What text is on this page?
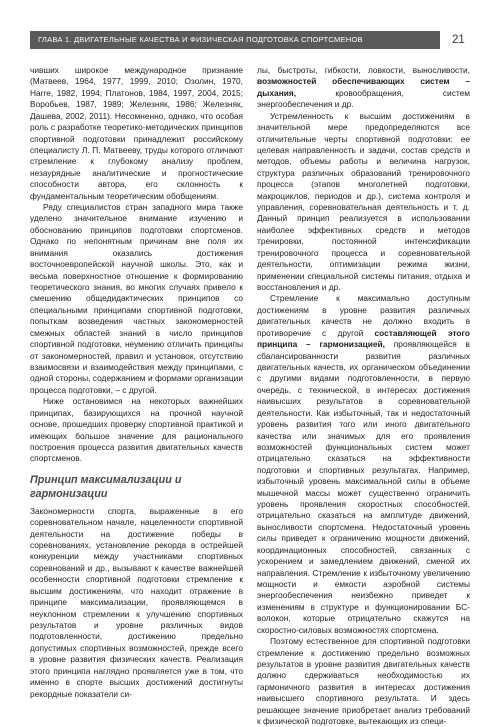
ГЛАВА 1. ДВИГАТЕЛЬНЫЕ КАЧЕСТВА И ФИЗИЧЕСКАЯ ПОДГОТОВКА СПОРТСМЕНОВ	21

чивших широкое международное признание (Матвеев, 1964, 1977, 1999, 2010; Озолин, 1970, Harre, 1982, 1994; Платонов, 1984, 1997, 2004, 2015; Воробьев, 1987, 1989; Железняк, 1986; Железняк, Дашева, 2002, 2011). Несомненно, однако, что особая роль с разработке теоретико-методических принципов спортивной подготовки принадлежит российскому специалисту Л. П. Матвееву, труды которого отличают стремление к глубокому анализу проблем, незаурядные аналитические и прогностические способности автора, его склонность к фундаментальным теоретическим обобщениям.

Ряду специалистов стран западного мира также уделено значительное внимание изучению и обоснованию принципов подготовки спортсменов. Однако по непонятным причинам вне поля их внимания оказались достижения восточноевропейской научной школы. Это, как и весьма поверхностное отношение к формированию теоретического знания, во многих случаях привело к смешению общедидактических принципов со специальными принципами спортивной подготовки, попыткам возведения частных закономерностей смежных областей знаний в число принципов спортивной подготовки, неумению отличить принципы от закономерностей, правил и установок, отсутствию взаимосвязи и взаимодействия между принципами, с одной стороны, содержанием и формами организации процесса подготовки, – с другой.

Ниже остановимся на некоторых важнейших принципах, базирующихся на прочной научной основе, прошедших проверку спортивной практикой и имеющих большое значение для рационального построения процесса развития двигательных качеств спортсменов.

Принцип максимализации и гармонизации

Закономерности спорта, выраженные в его соревновательном начале, нацеленности спортивной деятельности на достижение победы в соревнованиях, установление рекорда в острейшей конкуренции между участниками спортивных соревнований и др., вызывают к качестве важнейшей особенности спортивной подготовки стремление к высшим достижениям, что находит отражение в принципе максимализации, проявляющемся в неуклонном стремлении к улучшению спортивных результатов и уровне различных видов подготовленности, достижению предельно допустимых спортивных возможностей, прежде всего в уровне развития физических качеств. Реализация этого принципа наглядно проявляется уже в том, что именно в спорте высших достижений достигнуты рекордные показатели си-

лы, быстроты, гибкости, ловкости, выносливости, возможностей обеспечивающих систем – дыхания, кровообращения, систем энергообеспечения и др.

Устремленность к высшим достижениям в значительной мере предопределяются все отличительные черты спортивной подготовки: ее целевая направленность и задачи, состав средств и методов, объемы работы и величина нагрузок, структура различных образований тренировочного процесса (этапов многолетней подготовки, макроциклов, периодов и др.), система контроля и управления, соревновательная деятельность и т. д. Данный принцип реализуется в использовании наиболее эффективных средств и методов тренировки, постоянной интенсификации тренировочного процесса и соревновательной деятельности, оптимизации режима жизни, применении специальной системы питания, отдыха и восстановления и др.

Стремление к максимально доступным достижениям в уровне развития различных двигательных качеств не должно входить в противоречие с другой составляющей этого принципа – гармонизацией, проявляющейся в сбалансированности развития различных двигательных качеств, их органическом объединении с другими видами подготовленности, в первую очередь, с технической, в интересах достижения наивысших результатов в соревновательной деятельности. Как избыточный, так и недостаточный уровень развития того или иного двигательного качества или значимых для его проявления возможностей функциональных систем может отрицательно сказаться на эффективности подготовки и спортивных результатах. Например, избыточный уровень максимальной силы в объеме мышечной массы может существенно ограничить уровень проявления скоростных способностей, отрицательно сказаться на амплитуде движений, выносливости спортсмена. Недостаточный уровень силы приведет к ограничению мощности движений, координационных способностей, связанных с ускорением и замедлением движений, сменой их направления. Стремление к избыточному увеличению мощности и емкости аэробной системы энергообеспечения неизбежно приведет к изменениям в структуре и функционировании БС-волокон, которые отрицательно скажутся на скоростно-силовых возможностях спортсмена.

Поэтому естественное для спортивной подготовки стремление к достижению предельно возможных результатов в уровне развития двигательных качеств должно сдерживаться необходимостью их гармоничного развития в интересах достижения наивысшего спортивного результата. И здесь решающее значение приобретает анализ требований к физической подготовке, вытекающих из специ-
